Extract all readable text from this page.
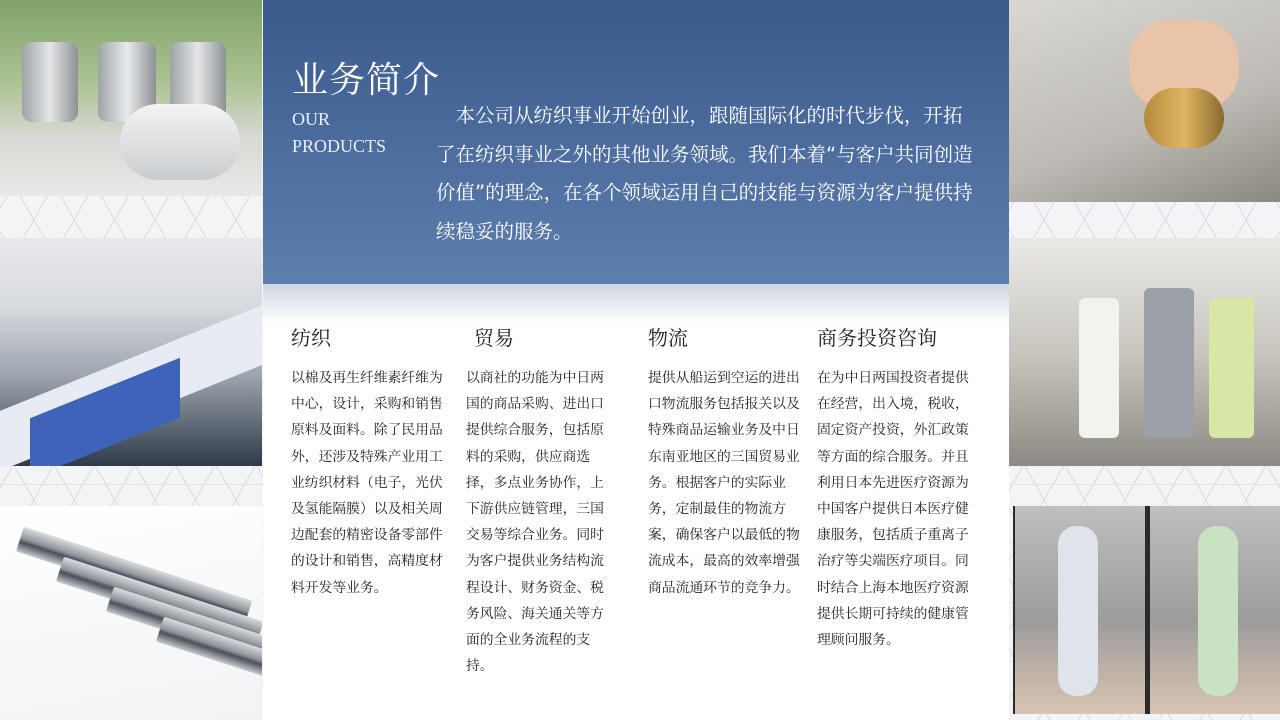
业务简介

OUR PRODUCTS

本公司从纺织事业开始创业，跟随国际化的时代步伐，开拓了在纺织事业之外的其他业务领域。我们本着“与客户共同创造价值”的理念，在各个领域运用自己的技能与资源为客户提供持续稳妥的服务。

纺织

以棉及再生纤维素纤维为中心，设计，采购和销售原料及面料。除了民用品外，还涉及特殊产业用工业纺织材料（电子，光伏及氢能隔膜）以及相关周边配套的精密设备零部件的设计和销售，高精度材料开发等业务。

贸易

以商社的功能为中日两国的商品采购、进出口提供综合服务，包括原料的采购，供应商选择，多点业务协作，上下游供应链管理，三国交易等综合业务。同时为客户提供业务结构流程设计、财务资金、税务风险、海关通关等方面的全业务流程的支持。

物流

提供从船运到空运的进出口物流服务包括报关以及特殊商品运输业务及中日东南亚地区的三国贸易业务。根据客户的实际业务，定制最佳的物流方案，确保客户以最低的物流成本，最高的效率增强商品流通环节的竞争力。

商务投资咨询

在为中日两国投资者提供在经营，出入境，税收，固定资产投资，外汇政策等方面的综合服务。并且利用日本先进医疗资源为中国客户提供日本医疗健康服务，包括质子重离子治疗等尖端医疗项目。同时结合上海本地医疗资源提供长期可持续的健康管理顾问服务。
